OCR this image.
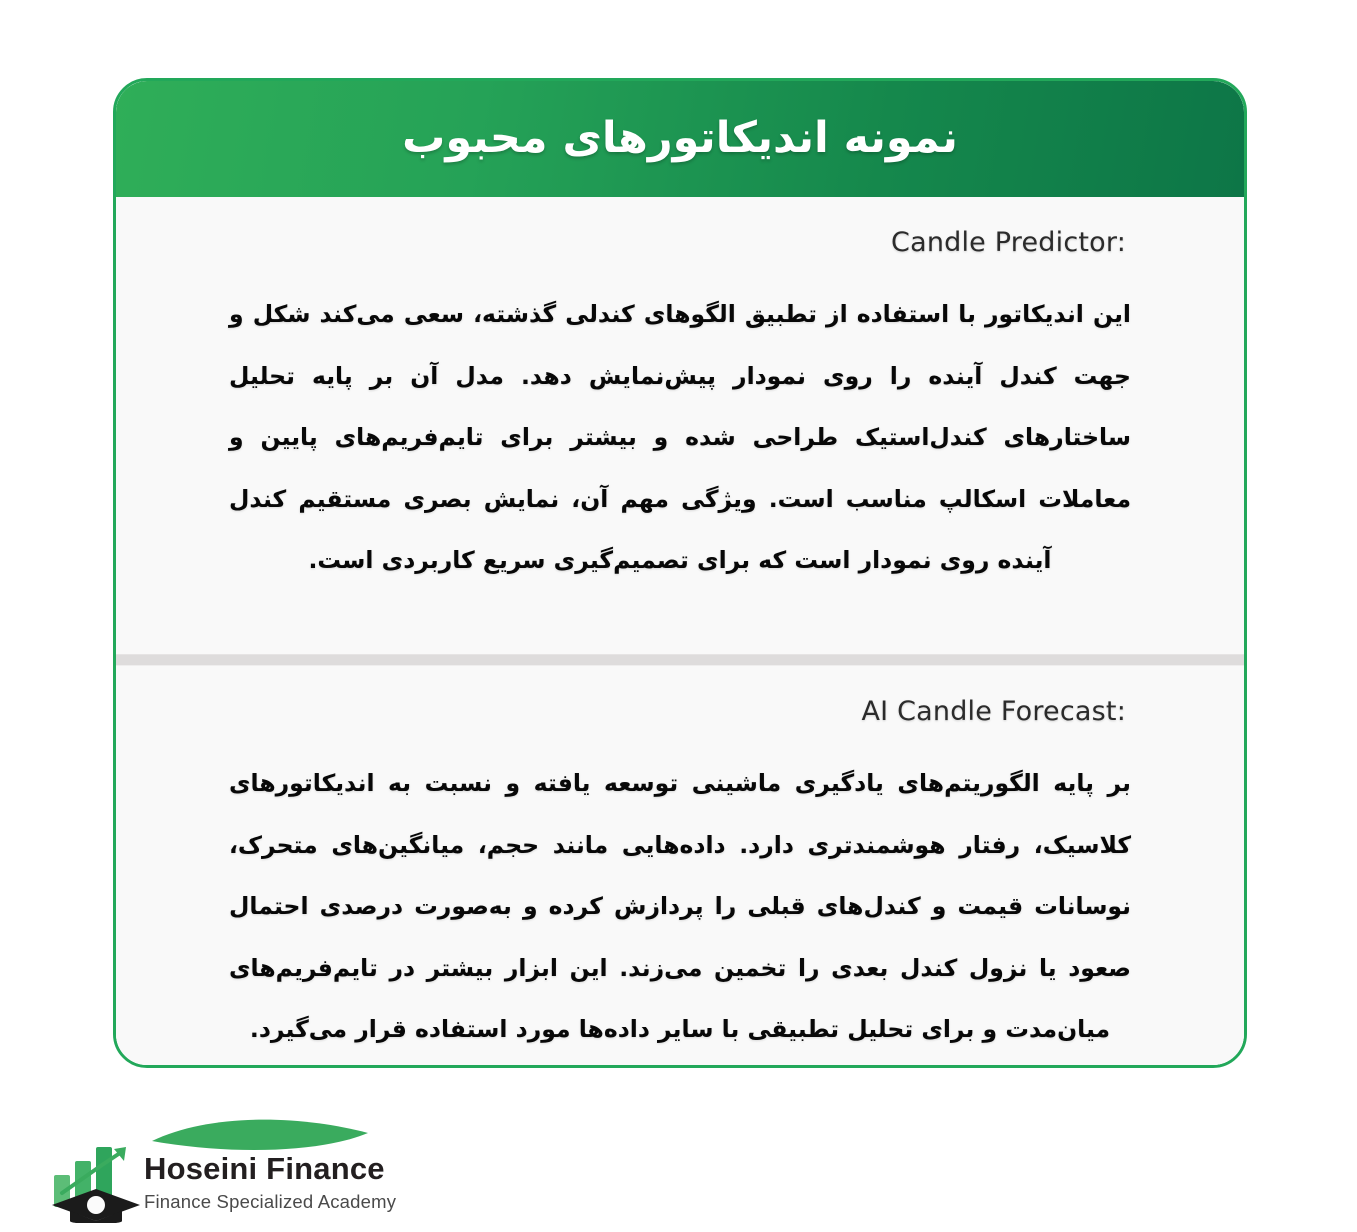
نمونه اندیکاتورهای محبوب
Candle Predictor:
این اندیکاتور با استفاده از تطبیق الگوهای کندلی گذشته، سعی می‌کند شکل و جهت کندل آینده را روی نمودار پیش‌نمایش دهد. مدل آن بر پایه تحلیل ساختارهای کندل‌استیک طراحی شده و بیشتر برای تایم‌فریم‌های پایین و معاملات اسکالپ مناسب است. ویژگی مهم آن، نمایش بصری مستقیم کندل آینده روی نمودار است که برای تصمیم‌گیری سریع کاربردی است.
AI Candle Forecast:
بر پایه الگوریتم‌های یادگیری ماشینی توسعه یافته و نسبت به اندیکاتورهای کلاسیک، رفتار هوشمندتری دارد. داده‌هایی مانند حجم، میانگین‌های متحرک، نوسانات قیمت و کندل‌های قبلی را پردازش کرده و به‌صورت درصدی احتمال صعود یا نزول کندل بعدی را تخمین می‌زند. این ابزار بیشتر در تایم‌فریم‌های میان‌مدت و برای تحلیل تطبیقی با سایر داده‌ها مورد استفاده قرار می‌گیرد.
Hoseini Finance
Finance Specialized Academy
